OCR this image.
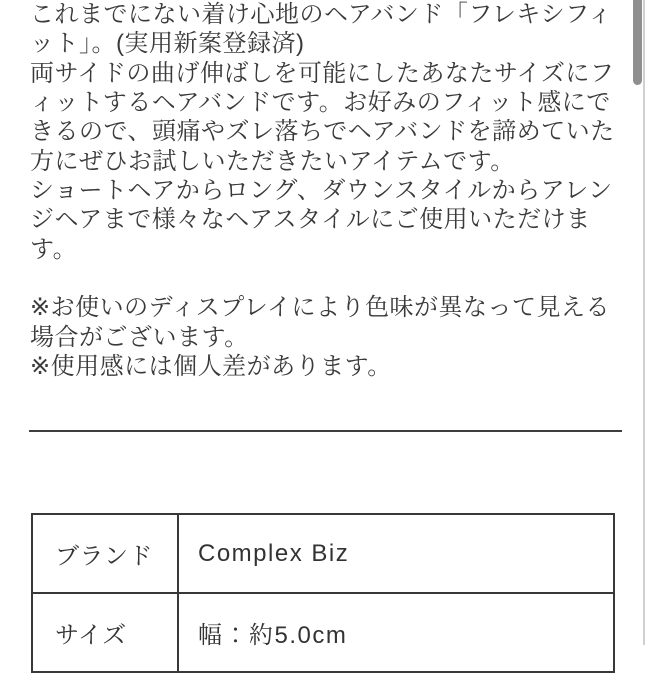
これまでにない着け心地のヘアバンド「フレキシフィ
ット」。(実用新案登録済)
両サイドの曲げ伸ばしを可能にしたあなたサイズにフ
ィットするヘアバンドです。お好みのフィット感にで
きるので、頭痛やズレ落ちでヘアバンドを諦めていた
方にぜひお試しいただきたいアイテムです。
ショートヘアからロング、ダウンスタイルからアレン
ジヘアまで様々なヘアスタイルにご使用いただけま
す。
※お使いのディスプレイにより色味が異なって見える
場合がございます。
※使用感には個人差があります。
ブランド	Complex Biz
サイズ	幅：約5.0cm
